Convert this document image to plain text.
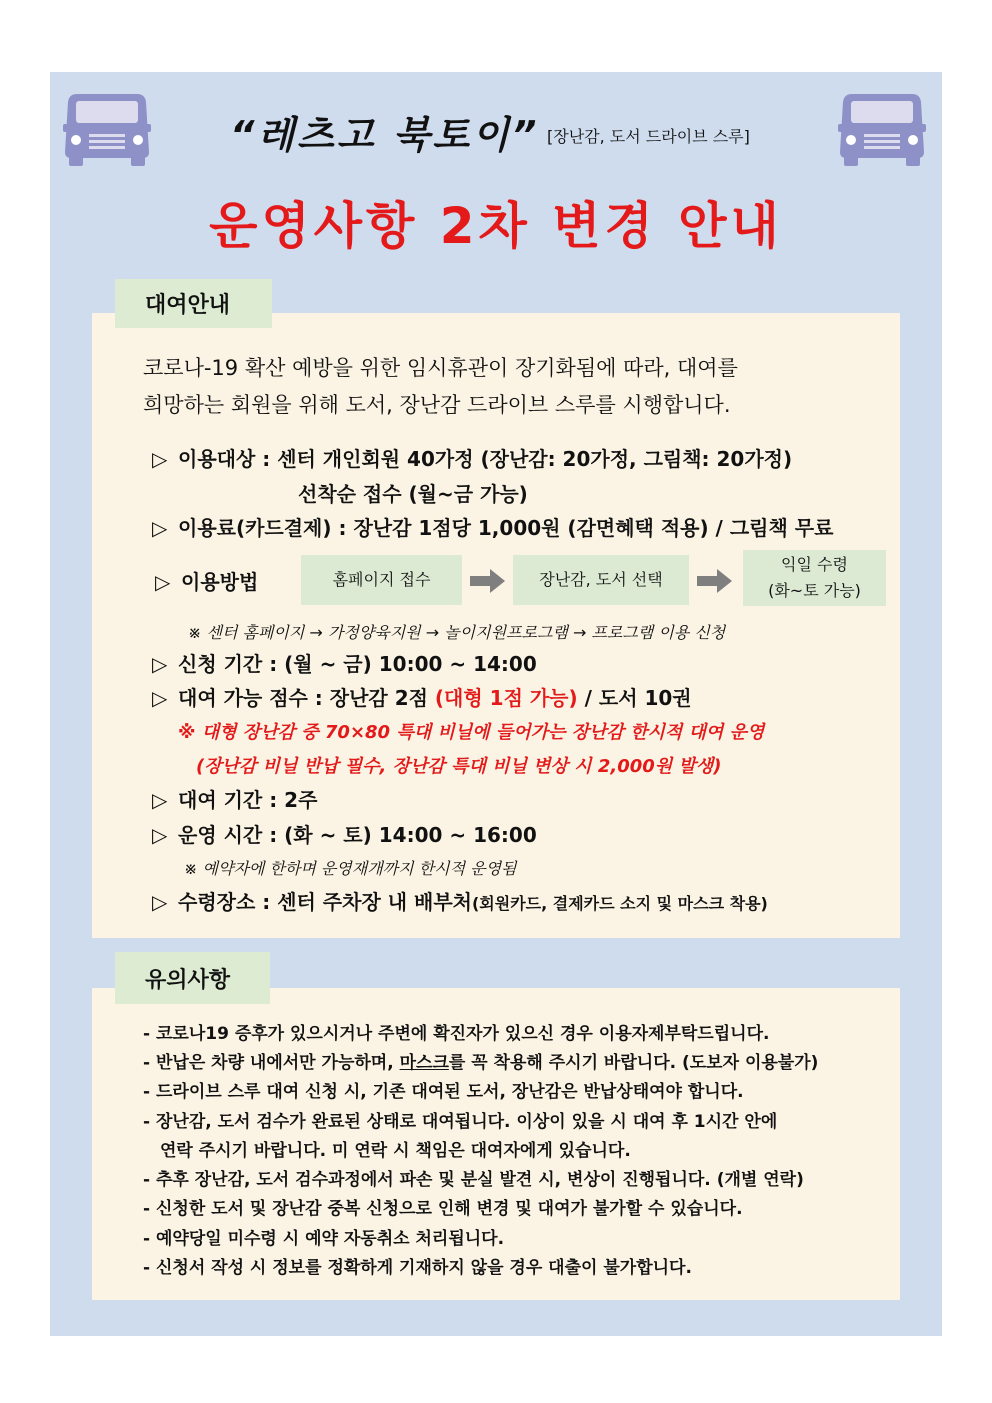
“레츠고 북토이” [장난감, 도서 드라이브 스루]
운영사항 2차 변경 안내
대여안내
코로나-19 확산 예방을 위한 임시휴관이 장기화됨에 따라, 대여를
희망하는 회원을 위해 도서, 장난감 드라이브 스루를 시행합니다.
▷ 이용대상 : 센터 개인회원 40가정 (장난감: 20가정, 그림책: 20가정)
선착순 접수 (월~금 가능)
▷ 이용료(카드결제) : 장난감 1점당 1,000원 (감면혜택 적용) / 그림책 무료
▷ 이용방법	홈페이지 접수	장난감, 도서 선택
익일 수령
(화~토 가능)
※ 센터 홈페이지 → 가정양육지원 → 놀이지원프로그램 → 프로그램 이용 신청
▷ 신청 기간 : (월 ~ 금) 10:00 ~ 14:00
▷ 대여 가능 점수 : 장난감 2점 (대형 1점 가능) / 도서 10권
※ 대형 장난감 중 70×80 특대 비닐에 들어가는 장난감 한시적 대여 운영
(장난감 비닐 반납 필수, 장난감 특대 비닐 변상 시 2,000원 발생)
▷ 대여 기간 : 2주
▷ 운영 시간 : (화 ~ 토) 14:00 ~ 16:00
※ 예약자에 한하며 운영재개까지 한시적 운영됨
▷ 수령장소 : 센터 주차장 내 배부처(회원카드, 결제카드 소지 및 마스크 착용)
유의사항
- 코로나19 증후가 있으시거나 주변에 확진자가 있으신 경우 이용자제부탁드립니다.
- 반납은 차량 내에서만 가능하며, 마스크를 꼭 착용해 주시기 바랍니다. (도보자 이용불가)
- 드라이브 스루 대여 신청 시, 기존 대여된 도서, 장난감은 반납상태여야 합니다.
- 장난감, 도서 검수가 완료된 상태로 대여됩니다. 이상이 있을 시 대여 후 1시간 안에
연락 주시기 바랍니다. 미 연락 시 책임은 대여자에게 있습니다.
- 추후 장난감, 도서 검수과정에서 파손 및 분실 발견 시, 변상이 진행됩니다. (개별 연락)
- 신청한 도서 및 장난감 중복 신청으로 인해 변경 및 대여가 불가할 수 있습니다.
- 예약당일 미수령 시 예약 자동취소 처리됩니다.
- 신청서 작성 시 정보를 정확하게 기재하지 않을 경우 대출이 불가합니다.
